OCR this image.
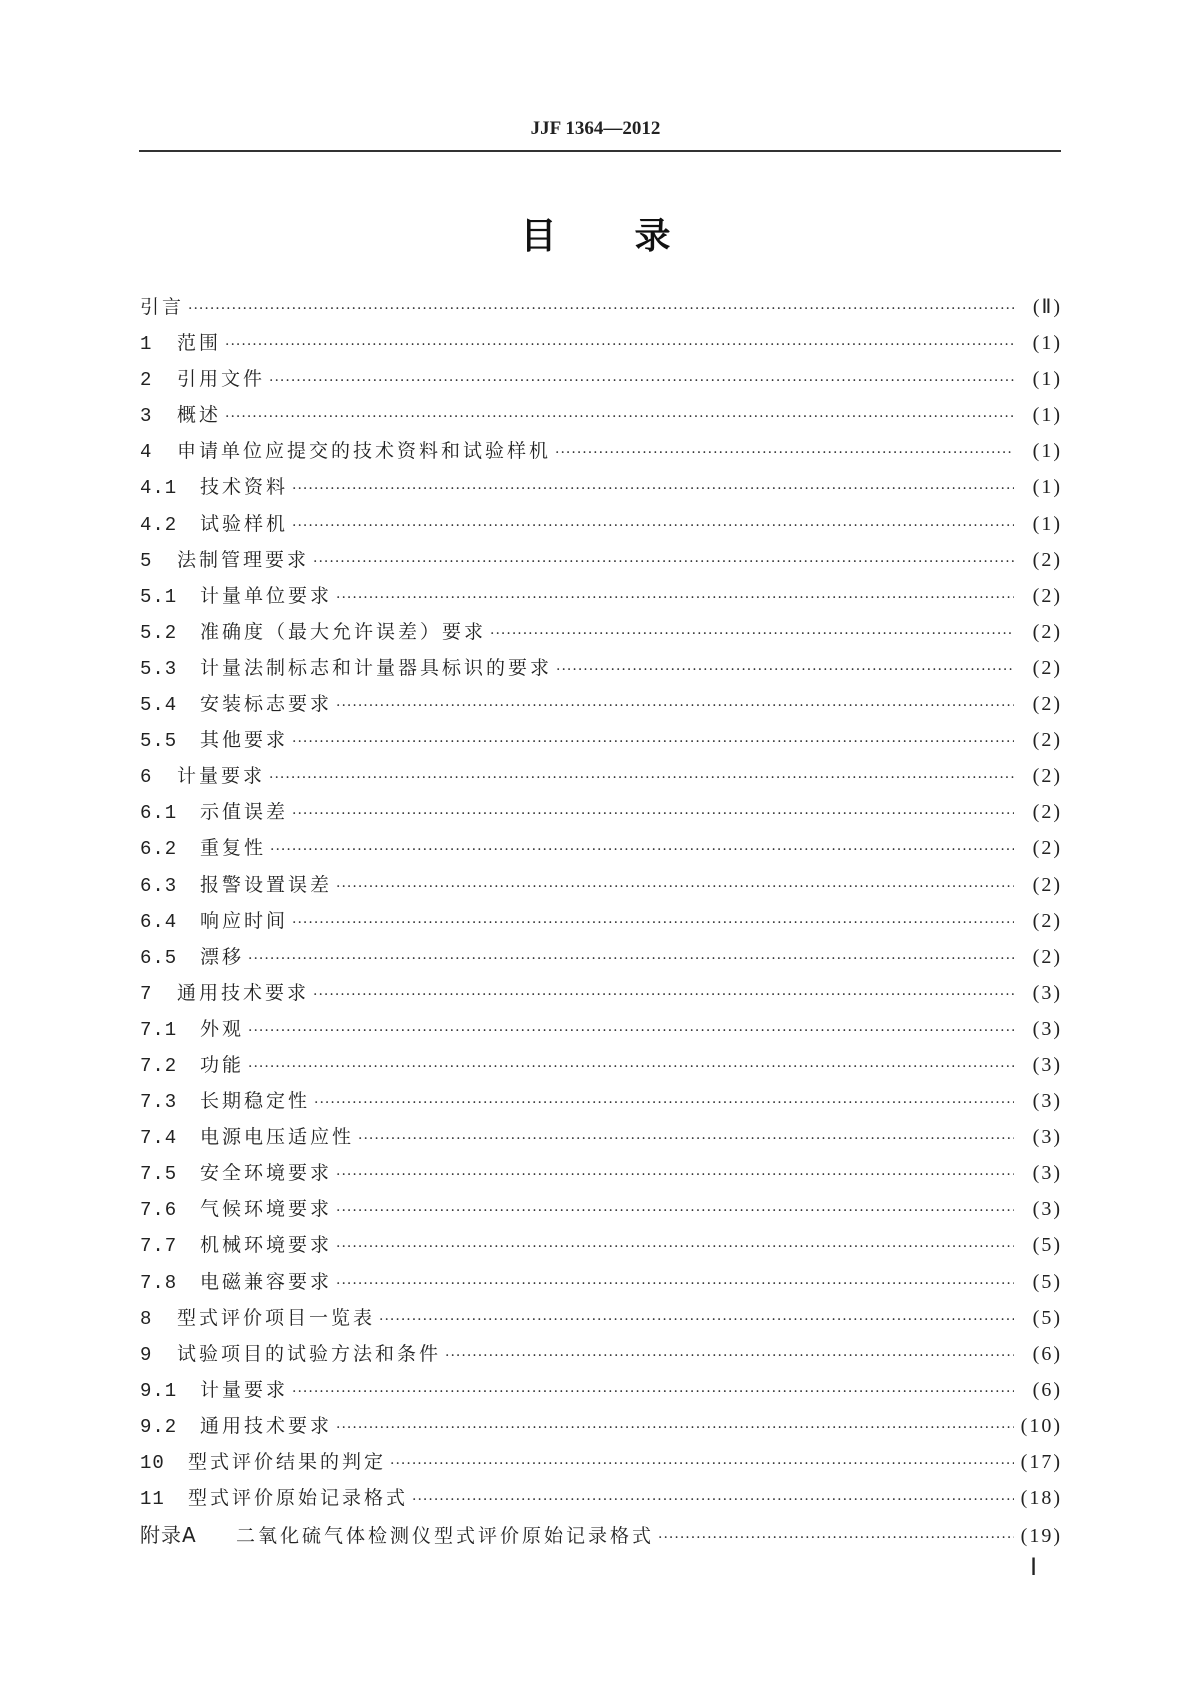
JJF 1364—2012
目录
引言 ·····	(Ⅱ)
1	范围 ·····	(1)
2	引用文件 ·····	(1)
3	概述 ·····	(1)
4	申请单位应提交的技术资料和试验样机 ·····	(1)
4.1	技术资料 ·····	(1)
4.2	试验样机 ·····	(1)
5	法制管理要求 ·····	(2)
5.1	计量单位要求 ·····	(2)
5.2	准确度（最大允许误差）要求 ·····	(2)
5.3	计量法制标志和计量器具标识的要求 ·····	(2)
5.4	安装标志要求 ·····	(2)
5.5	其他要求 ·····	(2)
6	计量要求 ·····	(2)
6.1	示值误差 ·····	(2)
6.2	重复性 ·····	(2)
6.3	报警设置误差 ·····	(2)
6.4	响应时间 ·····	(2)
6.5	漂移 ·····	(2)
7	通用技术要求 ·····	(3)
7.1	外观 ·····	(3)
7.2	功能 ·····	(3)
7.3	长期稳定性 ·····	(3)
7.4	电源电压适应性 ·····	(3)
7.5	安全环境要求 ·····	(3)
7.6	气候环境要求 ·····	(3)
7.7	机械环境要求 ·····	(5)
7.8	电磁兼容要求 ·····	(5)
8	型式评价项目一览表 ·····	(5)
9	试验项目的试验方法和条件 ·····	(6)
9.1	计量要求 ·····	(6)
9.2	通用技术要求 ·····	(10)
10	型式评价结果的判定 ·····	(17)
11	型式评价原始记录格式 ·····	(18)
附录A	二氧化硫气体检测仪型式评价原始记录格式 ·····	(19)
Ⅰ
